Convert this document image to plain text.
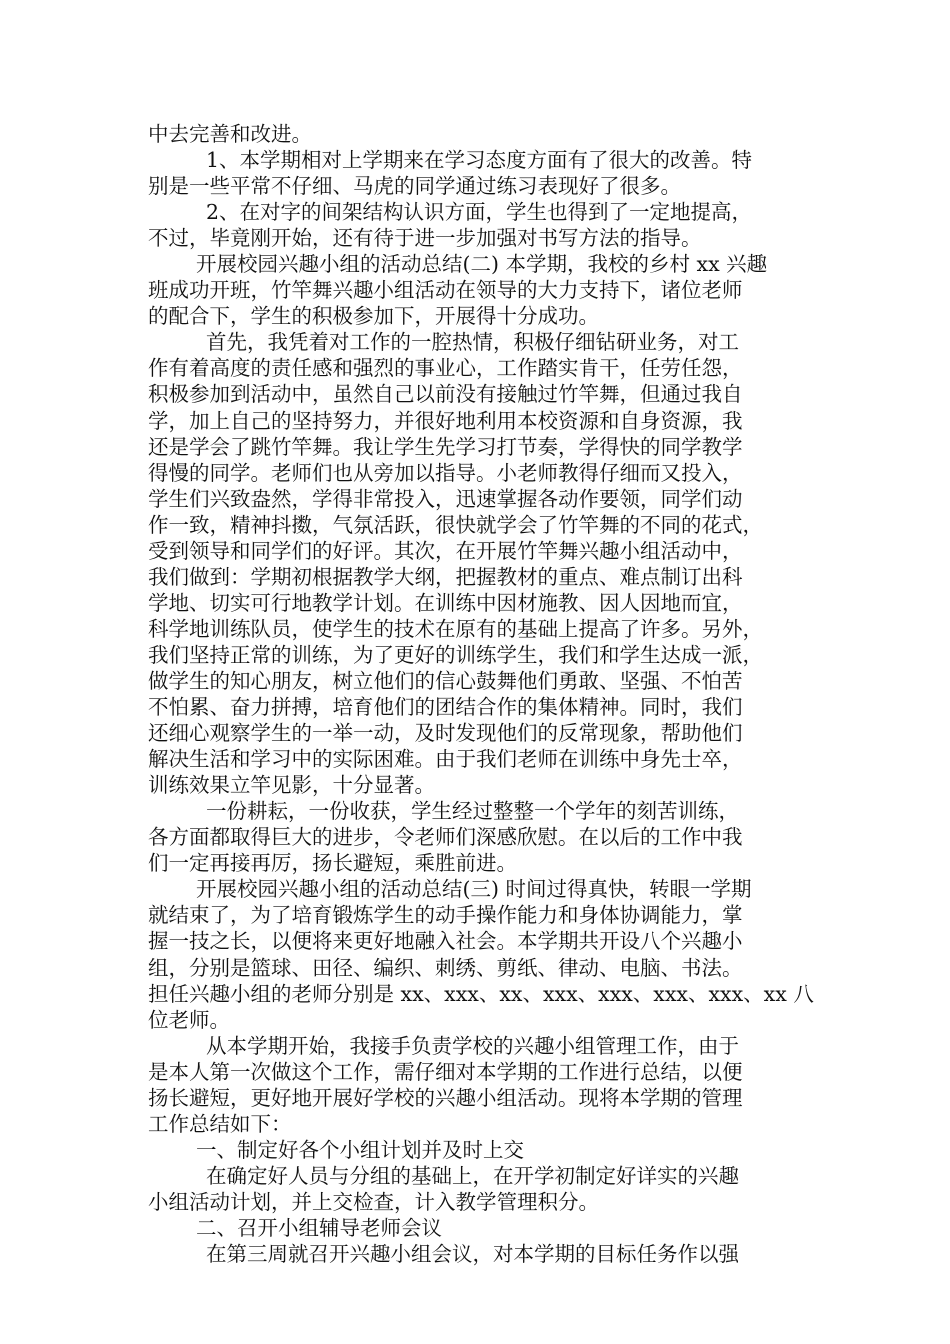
中去完善和改进。
1、本学期相对上学期来在学习态度方面有了很大的改善。特
别是一些平常不仔细、马虎的同学通过练习表现好了很多。
2、在对字的间架结构认识方面，学生也得到了一定地提高，
不过，毕竟刚开始，还有待于进一步加强对书写方法的指导。
开展校园兴趣小组的活动总结(二) 本学期，我校的乡村 xx 兴趣
班成功开班，竹竿舞兴趣小组活动在领导的大力支持下，诸位老师
的配合下，学生的积极参加下，开展得十分成功。
首先，我凭着对工作的一腔热情，积极仔细钻研业务，对工
作有着高度的责任感和强烈的事业心，工作踏实肯干，任劳任怨，
积极参加到活动中，虽然自己以前没有接触过竹竿舞，但通过我自
学，加上自己的坚持努力，并很好地利用本校资源和自身资源，我
还是学会了跳竹竿舞。我让学生先学习打节奏，学得快的同学教学
得慢的同学。老师们也从旁加以指导。小老师教得仔细而又投入，
学生们兴致盎然，学得非常投入，迅速掌握各动作要领，同学们动
作一致，精神抖擞，气氛活跃，很快就学会了竹竿舞的不同的花式，
受到领导和同学们的好评。其次，在开展竹竿舞兴趣小组活动中，
我们做到：学期初根据教学大纲，把握教材的重点、难点制订出科
学地、切实可行地教学计划。在训练中因材施教、因人因地而宜，
科学地训练队员，使学生的技术在原有的基础上提高了许多。另外，
我们坚持正常的训练，为了更好的训练学生，我们和学生达成一派，
做学生的知心朋友，树立他们的信心鼓舞他们勇敢、坚强、不怕苦
不怕累、奋力拼搏，培育他们的团结合作的集体精神。同时，我们
还细心观察学生的一举一动，及时发现他们的反常现象，帮助他们
解决生活和学习中的实际困难。由于我们老师在训练中身先士卒，
训练效果立竿见影，十分显著。
一份耕耘，一份收获，学生经过整整一个学年的刻苦训练，
各方面都取得巨大的进步，令老师们深感欣慰。在以后的工作中我
们一定再接再厉，扬长避短，乘胜前进。
开展校园兴趣小组的活动总结(三) 时间过得真快，转眼一学期
就结束了，为了培育锻炼学生的动手操作能力和身体协调能力，掌
握一技之长，以便将来更好地融入社会。本学期共开设八个兴趣小
组，分别是篮球、田径、编织、刺绣、剪纸、律动、电脑、书法。
担任兴趣小组的老师分别是 xx、xxx、xx、xxx、xxx、xxx、xxx、xx 八
位老师。
从本学期开始，我接手负责学校的兴趣小组管理工作，由于
是本人第一次做这个工作，需仔细对本学期的工作进行总结，以便
扬长避短，更好地开展好学校的兴趣小组活动。现将本学期的管理
工作总结如下：
一、制定好各个小组计划并及时上交
在确定好人员与分组的基础上，在开学初制定好详实的兴趣
小组活动计划，并上交检查，计入教学管理积分。
二、召开小组辅导老师会议
在第三周就召开兴趣小组会议，对本学期的目标任务作以强
